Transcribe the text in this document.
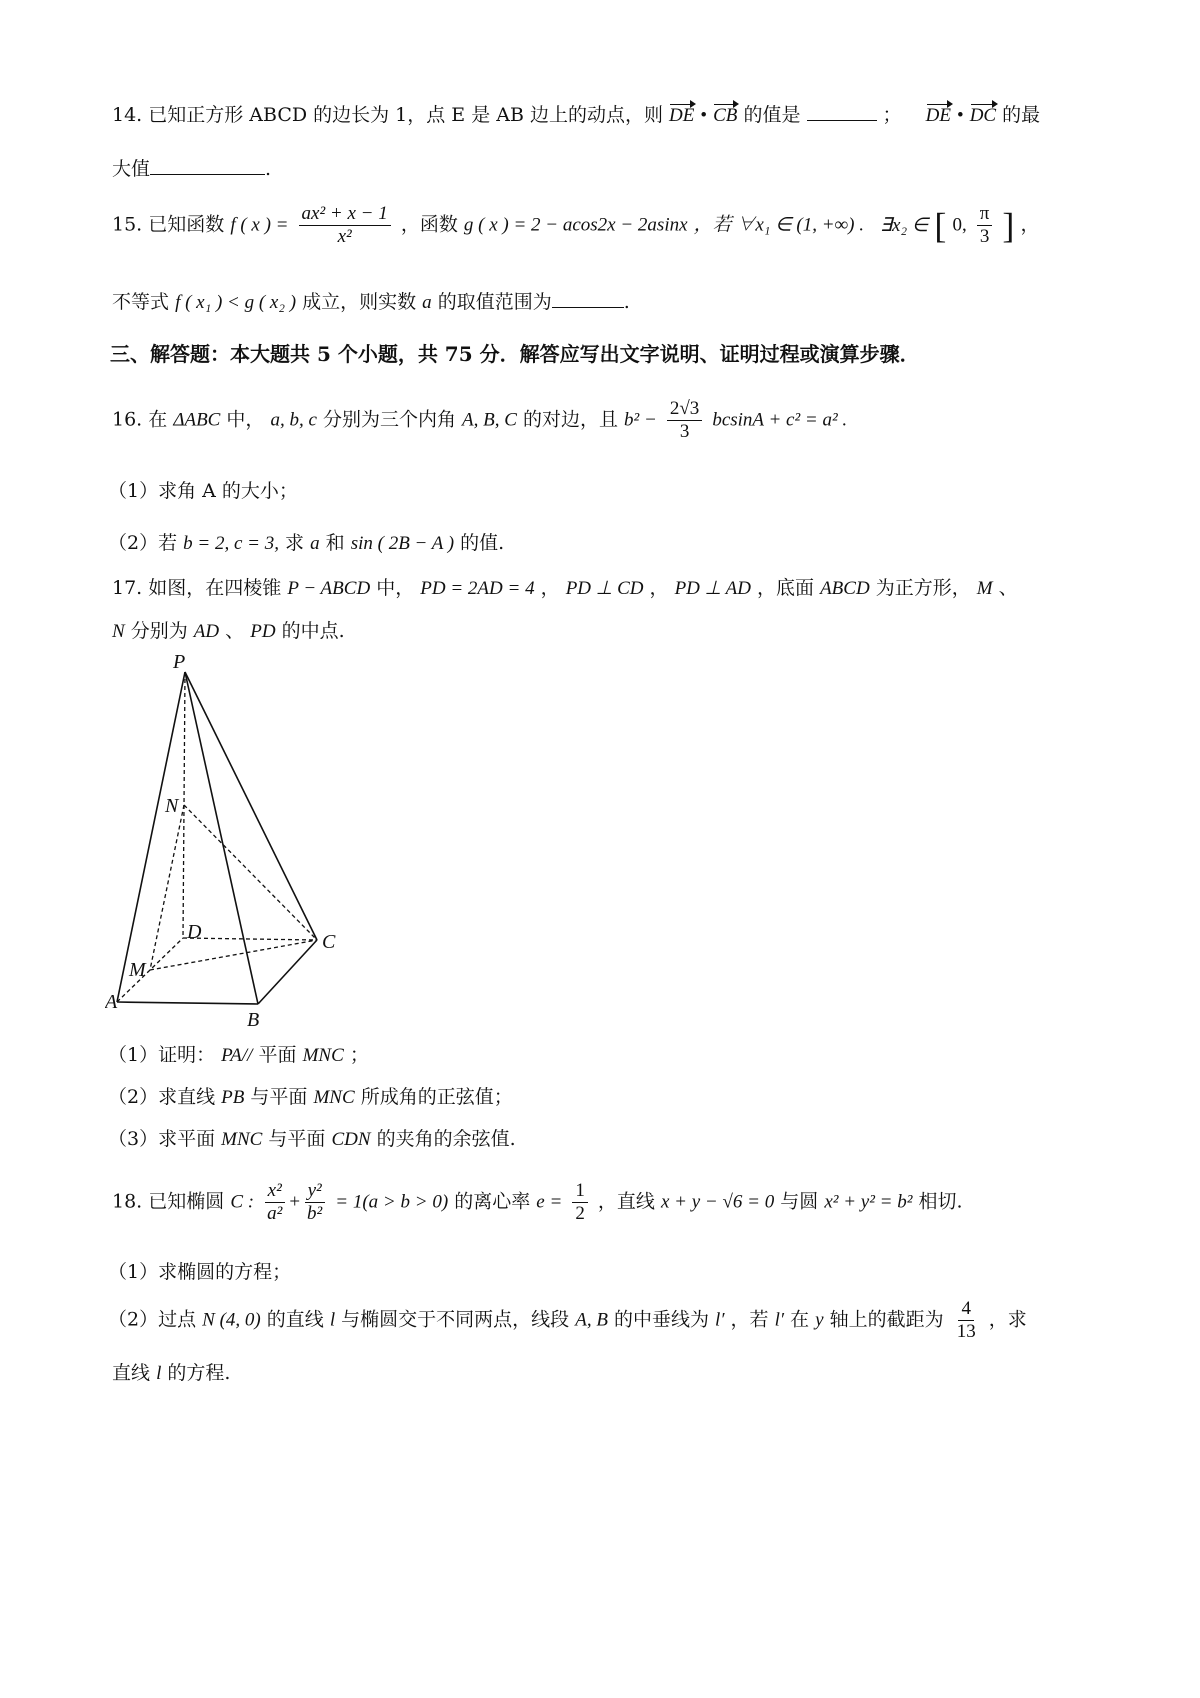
14. 已知正方形 ABCD 的边长为 1，点 E 是 AB 边上的动点，则 DE • CB 的值是	； DE • DC 的最
大值	.
15. 已知函数 f ( x ) = $\frac{\text{ax² + x − 1}}{\text{x²}}$ ，函数 g ( x ) = 2 − acos2x − 2asinx ，若 ∀x₁ ∈ (1, +∞) . ∃x₂ ∈ [ 0, $\frac{\pi}{3}$ ] ，
不等式 f ( x₁ ) < g ( x₂ ) 成立，则实数 a 的取值范围为	.
三、解答题：本大题共 5 个小题，共 75 分．解答应写出文字说明、证明过程或演算步骤．
16. 在 ΔABC 中， a, b, c 分别为三个内角 A, B, C 的对边，且 $b^2 - \frac{2√3}{3}$ bcsinA + c² = a² .
（1）求角 A 的大小；
（2）若 b = 2, c = 3, 求 a 和 sin ( 2B − A ) 的值.
17. 如图，在四棱锥 P − ABCD 中， PD = 2AD = 4 ， PD ⊥ CD ， PD ⊥ AD ，底面 ABCD 为正方形， M 、
N 分别为 AD 、 PD 的中点.
P
N
D	C
M
A
B
（1）证明： PA// 平面 MNC ；
（2）求直线 PB 与平面 MNC 所成角的正弦值；
（3）求平面 MNC 与平面 CDN 的夹角的余弦值.
18. 已知椭圆 C : $\frac{\text{x²}}{\text{a²}} + \frac{\text{y²}}{\text{b²}} = 1(a > b > 0)$ 的离心率 $e = \frac{1}{2}$ ，直线 x + y − √6 = 0 与圆 x² + y² = b² 相切.
（1）求椭圆的方程；
（2）过点 N (4, 0) 的直线 l 与椭圆交于不同两点，线段 A, B 的中垂线为 l′ ，若 l′ 在 y 轴上的截距为 $\frac{4}{13}$ ，求
直线 l 的方程.
